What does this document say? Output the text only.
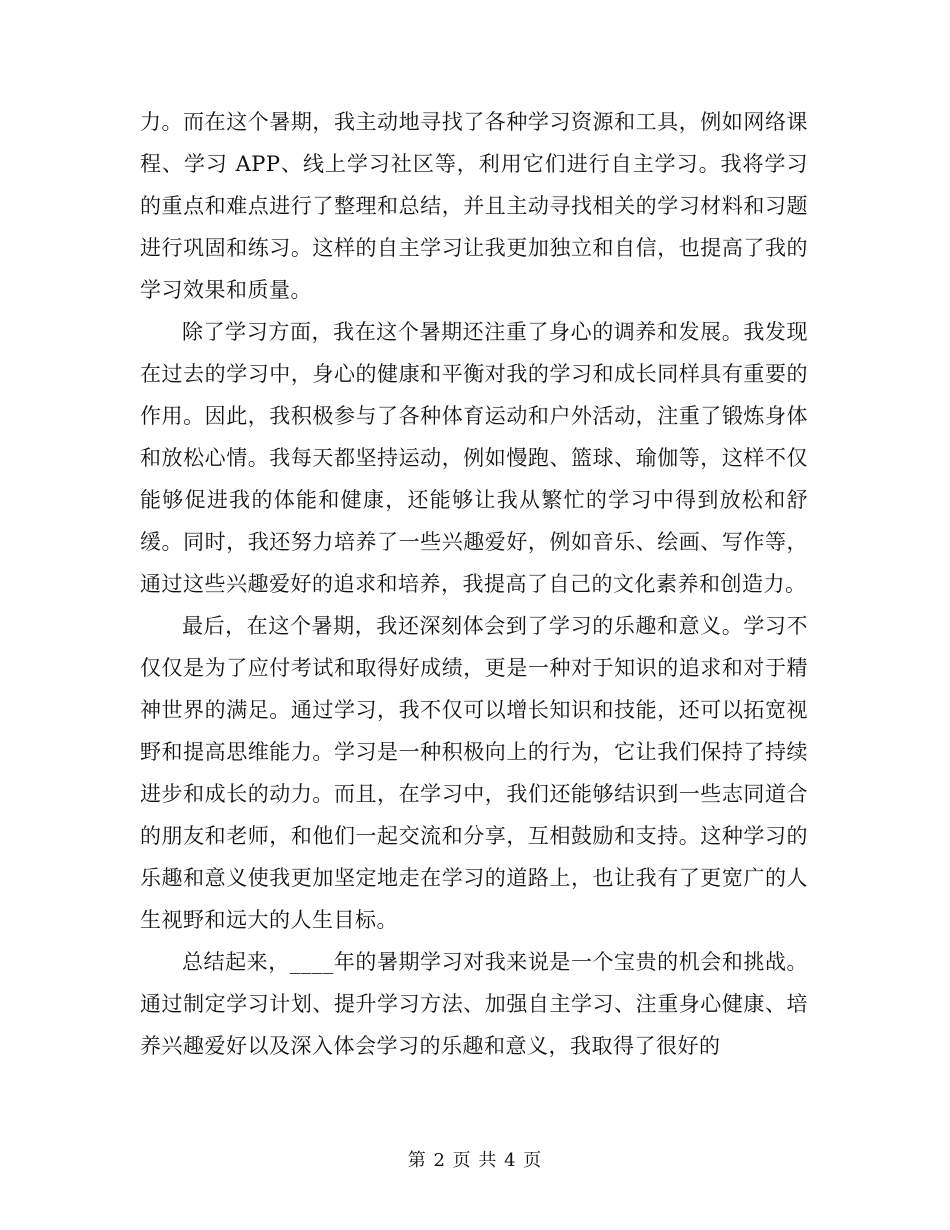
力。而在这个暑期，我主动地寻找了各种学习资源和工具，例如网络课程、学习 APP、线上学习社区等，利用它们进行自主学习。我将学习的重点和难点进行了整理和总结，并且主动寻找相关的学习材料和习题进行巩固和练习。这样的自主学习让我更加独立和自信，也提高了我的学习效果和质量。

除了学习方面，我在这个暑期还注重了身心的调养和发展。我发现在过去的学习中，身心的健康和平衡对我的学习和成长同样具有重要的作用。因此，我积极参与了各种体育运动和户外活动，注重了锻炼身体和放松心情。我每天都坚持运动，例如慢跑、篮球、瑜伽等，这样不仅能够促进我的体能和健康，还能够让我从繁忙的学习中得到放松和舒缓。同时，我还努力培养了一些兴趣爱好，例如音乐、绘画、写作等，通过这些兴趣爱好的追求和培养，我提高了自己的文化素养和创造力。

最后，在这个暑期，我还深刻体会到了学习的乐趣和意义。学习不仅仅是为了应付考试和取得好成绩，更是一种对于知识的追求和对于精神世界的满足。通过学习，我不仅可以增长知识和技能，还可以拓宽视野和提高思维能力。学习是一种积极向上的行为，它让我们保持了持续进步和成长的动力。而且，在学习中，我们还能够结识到一些志同道合的朋友和老师，和他们一起交流和分享，互相鼓励和支持。这种学习的乐趣和意义使我更加坚定地走在学习的道路上，也让我有了更宽广的人生视野和远大的人生目标。

总结起来，____年的暑期学习对我来说是一个宝贵的机会和挑战。通过制定学习计划、提升学习方法、加强自主学习、注重身心健康、培养兴趣爱好以及深入体会学习的乐趣和意义，我取得了很好的

第 2 页 共 4 页
